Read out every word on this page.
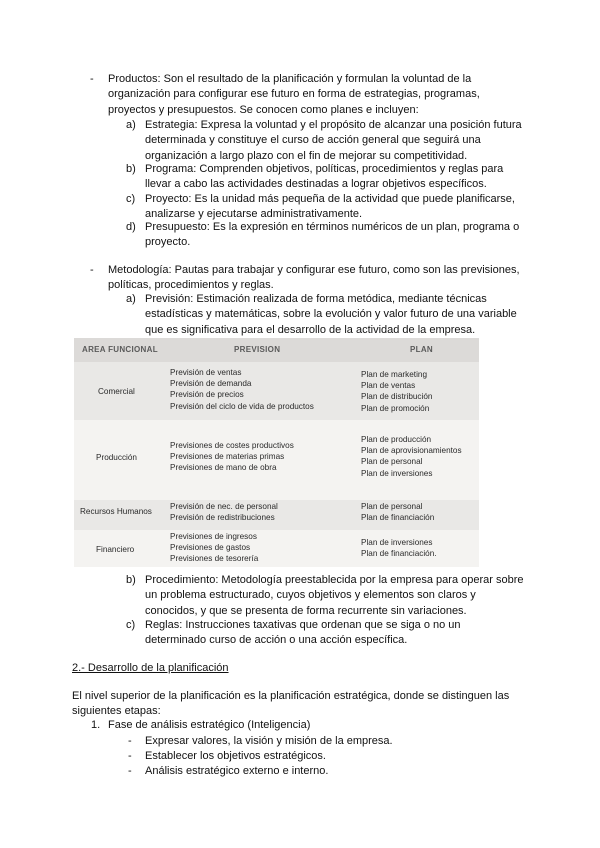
- Productos: Son el resultado de la planificación y formulan la voluntad de la

organización para configurar ese futuro en forma de estrategias, programas,

proyectos y presupuestos. Se conocen como planes e incluyen:

a) Estrategia: Expresa la voluntad y el propósito de alcanzar una posición futura

determinada y constituye el curso de acción general que seguirá una

organización a largo plazo con el fin de mejorar su competitividad.

b) Programa: Comprenden objetivos, políticas, procedimientos y reglas para

llevar a cabo las actividades destinadas a lograr objetivos específicos.

c) Proyecto: Es la unidad más pequeña de la actividad que puede planificarse,

analizarse y ejecutarse administrativamente.

d) Presupuesto: Es la expresión en términos numéricos de un plan, programa o

proyecto.

- Metodología: Pautas para trabajar y configurar ese futuro, como son las previsiones,

políticas, procedimientos y reglas.

a) Previsión: Estimación realizada de forma metódica, mediante técnicas

estadísticas y matemáticas, sobre la evolución y valor futuro de una variable

que es significativa para el desarrollo de la actividad de la empresa.

AREA FUNCIONAL	PREVISION	PLAN
Comercial
Previsión de ventas
Previsión de demanda
Previsión de precios
Previsión del ciclo de vida de productos
Plan de marketing
Plan de ventas
Plan de distribución
Plan de promoción
Producción
Previsiones de costes productivos
Previsiones de materias primas
Previsiones de mano de obra
Plan de producción
Plan de aprovisionamientos
Plan de personal
Plan de inversiones
Recursos Humanos
Previsión de nec. de personal
Previsión de redistribuciones
Plan de personal
Plan de financiación
Financiero
Previsiones de ingresos
Previsiones de gastos
Previsiones de tesorería
Plan de inversiones
Plan de financiación.
b) Procedimiento: Metodología preestablecida por la empresa para operar sobre

un problema estructurado, cuyos objetivos y elementos son claros y

conocidos, y que se presenta de forma recurrente sin variaciones.

c) Reglas: Instrucciones taxativas que ordenan que se siga o no un

determinado curso de acción o una acción específica.

2.- Desarrollo de la planificación

El nivel superior de la planificación es la planificación estratégica, donde se distinguen las

siguientes etapas:

1. Fase de análisis estratégico (Inteligencia)
- Expresar valores, la visión y misión de la empresa.
- Establecer los objetivos estratégicos.
- Análisis estratégico externo e interno.
